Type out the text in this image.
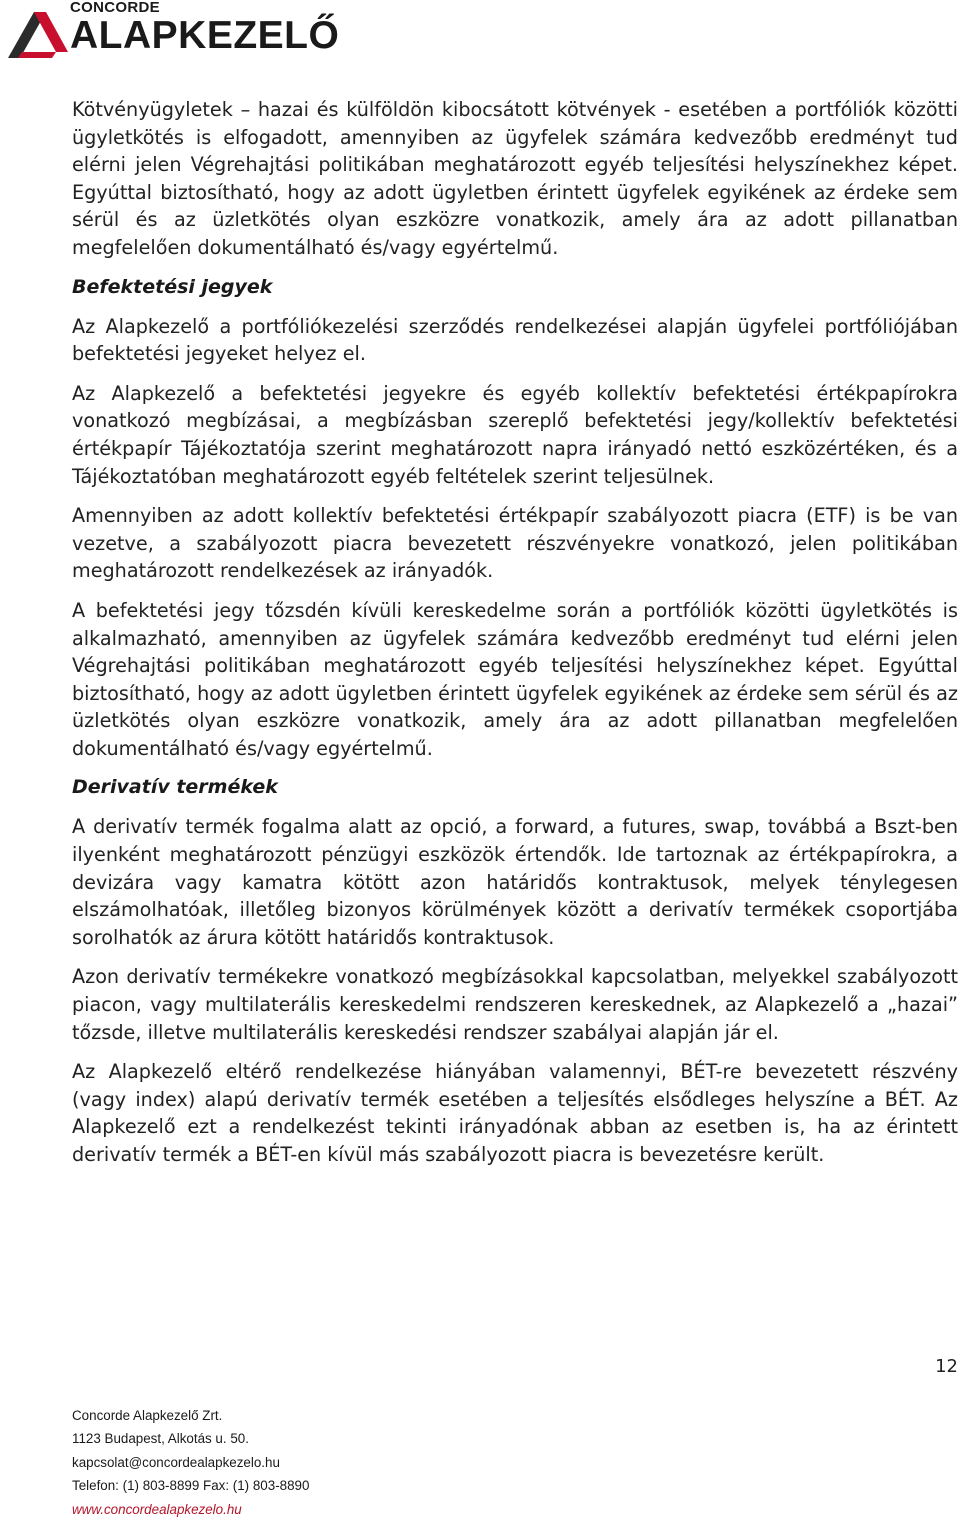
CONCORDE
ALAPKEZELŐ

Kötvényügyletek – hazai és külföldön kibocsátott kötvények - esetében a portfóliók közötti ügyletkötés is elfogadott, amennyiben az ügyfelek számára kedvezőbb eredményt tud elérni jelen Végrehajtási politikában meghatározott egyéb teljesítési helyszínekhez képet. Egyúttal biztosítható, hogy az adott ügyletben érintett ügyfelek egyikének az érdeke sem sérül és az üzletkötés olyan eszközre vonatkozik, amely ára az adott pillanatban megfelelően dokumentálható és/vagy egyértelmű.

Befektetési jegyek

Az Alapkezelő a portfóliókezelési szerződés rendelkezései alapján ügyfelei portfóliójában befektetési jegyeket helyez el.

Az Alapkezelő a befektetési jegyekre és egyéb kollektív befektetési értékpapírokra vonatkozó megbízásai, a megbízásban szereplő befektetési jegy/kollektív befektetési értékpapír Tájékoztatója szerint meghatározott napra irányadó nettó eszközértéken, és a Tájékoztatóban meghatározott egyéb feltételek szerint teljesülnek.

Amennyiben az adott kollektív befektetési értékpapír szabályozott piacra (ETF) is be van vezetve, a szabályozott piacra bevezetett részvényekre vonatkozó, jelen politikában meghatározott rendelkezések az irányadók.

A befektetési jegy tőzsdén kívüli kereskedelme során a portfóliók közötti ügyletkötés is alkalmazható, amennyiben az ügyfelek számára kedvezőbb eredményt tud elérni jelen Végrehajtási politikában meghatározott egyéb teljesítési helyszínekhez képet. Egyúttal biztosítható, hogy az adott ügyletben érintett ügyfelek egyikének az érdeke sem sérül és az üzletkötés olyan eszközre vonatkozik, amely ára az adott pillanatban megfelelően dokumentálható és/vagy egyértelmű.

Derivatív termékek

A derivatív termék fogalma alatt az opció, a forward, a futures, swap, továbbá a Bszt-ben ilyenként meghatározott pénzügyi eszközök értendők. Ide tartoznak az értékpapírokra, a devizára vagy kamatra kötött azon határidős kontraktusok, melyek ténylegesen elszámolhatóak, illetőleg bizonyos körülmények között a derivatív termékek csoportjába sorolhatók az árura kötött határidős kontraktusok.

Azon derivatív termékekre vonatkozó megbízásokkal kapcsolatban, melyekkel szabályozott piacon, vagy multilaterális kereskedelmi rendszeren kereskednek, az Alapkezelő a „hazai” tőzsde, illetve multilaterális kereskedési rendszer szabályai alapján jár el.

Az Alapkezelő eltérő rendelkezése hiányában valamennyi, BÉT-re bevezetett részvény (vagy index) alapú derivatív termék esetében a teljesítés elsődleges helyszíne a BÉT. Az Alapkezelő ezt a rendelkezést tekinti irányadónak abban az esetben is, ha az érintett derivatív termék a BÉT-en kívül más szabályozott piacra is bevezetésre került.

12
Concorde Alapkezelő Zrt.
1123 Budapest, Alkotás u. 50.
kapcsolat@concordealapkezelo.hu
Telefon: (1) 803-8899 Fax: (1) 803-8890
www.concordealapkezelo.hu
